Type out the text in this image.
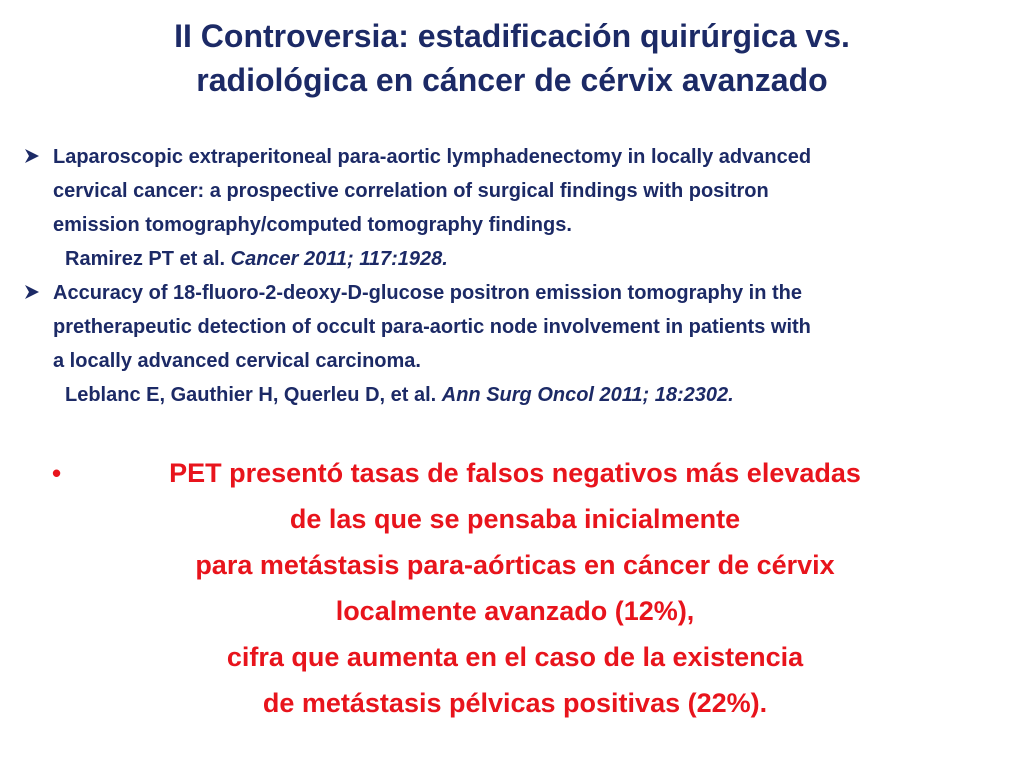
II Controversia: estadificación quirúrgica vs.
radiológica en cáncer de cérvix avanzado
Laparoscopic extraperitoneal para-aortic lymphadenectomy in locally advanced
cervical cancer: a prospective correlation of surgical findings with positron
emission tomography/computed tomography findings.
Ramirez PT et al. Cancer 2011; 117:1928.
Accuracy of 18-fluoro-2-deoxy-D-glucose positron emission tomography in the
pretherapeutic detection of occult para-aortic node involvement in patients with
a locally advanced cervical carcinoma.
Leblanc E, Gauthier H, Querleu D, et al. Ann Surg Oncol 2011; 18:2302.
•	PET presentó tasas de falsos negativos más elevadas
de las que se pensaba inicialmente
para metástasis para-aórticas en cáncer de cérvix
localmente avanzado (12%),
cifra que aumenta en el caso de la existencia
de metástasis pélvicas positivas (22%).
